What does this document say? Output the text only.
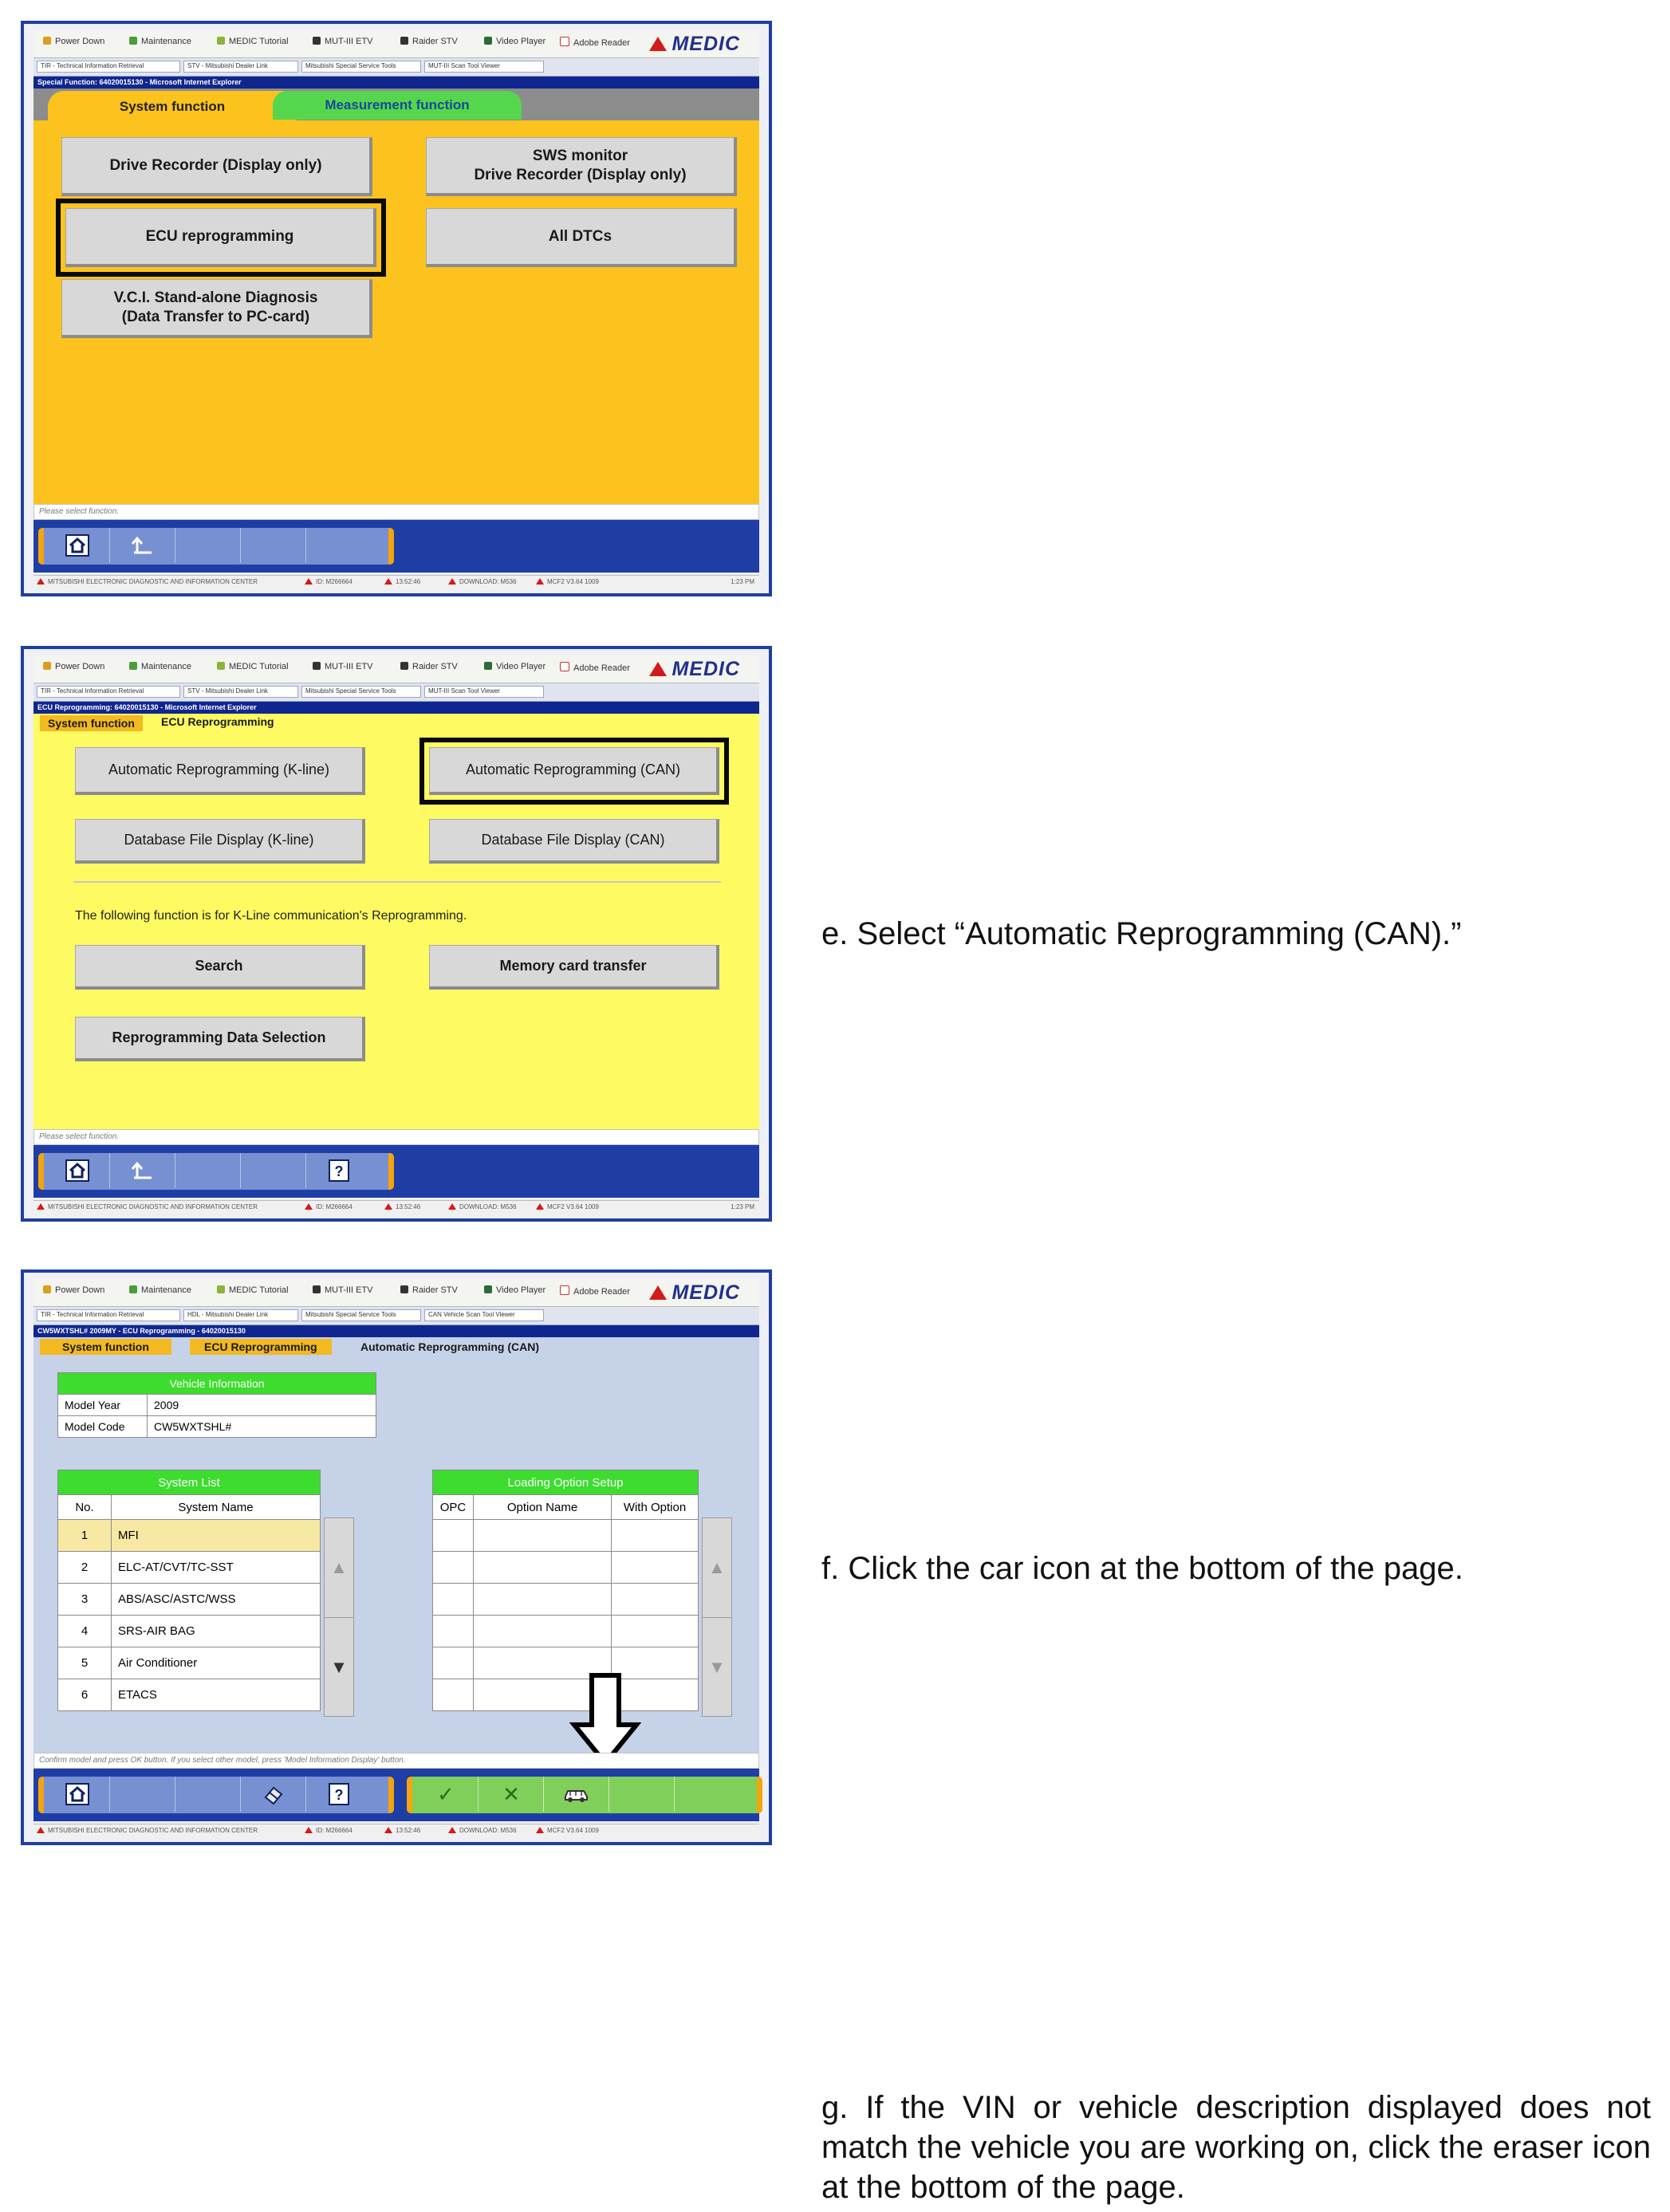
Power Down	Maintenance	MEDIC Tutorial	MUT-III ETV	Raider STV	Video Player	Adobe Reader	MEDIC
TIR - Technical Information Retrieval	STV - Mitsubishi Dealer Link	Mitsubishi Special Service Tools	MUT-III Scan Tool Viewer
Special Function: 64020015130 - Microsoft Internet Explorer
System function	Measurement function
Drive Recorder (Display only)
SWS monitor
Drive Recorder (Display only)
ECU reprogramming	All DTCs
V.C.I. Stand-alone Diagnosis
(Data Transfer to PC-card)
Please select function.
MITSUBISHI ELECTRONIC DIAGNOSTIC AND INFORMATION CENTER	ID: M266664	13:52:46	DOWNLOAD: M536	MCF2 V3.64 1009	1:23 PM
Power Down	Maintenance	MEDIC Tutorial	MUT-III ETV	Raider STV	Video Player	Adobe Reader	MEDIC
TIR - Technical Information Retrieval	STV - Mitsubishi Dealer Link	Mitsubishi Special Service Tools	MUT-III Scan Tool Viewer
ECU Reprogramming: 64020015130 - Microsoft Internet Explorer
System function	ECU Reprogramming
Automatic Reprogramming (K-line)	Automatic Reprogramming (CAN)
Database File Display (K-line)	Database File Display (CAN)
The following function is for K-Line communication's Reprogramming.
Search	Memory card transfer
Reprogramming Data Selection
Please select function.
?
MITSUBISHI ELECTRONIC DIAGNOSTIC AND INFORMATION CENTER	ID: M266664	13:52:46	DOWNLOAD: M536	MCF2 V3.64 1009	1:23 PM
Power Down	Maintenance	MEDIC Tutorial	MUT-III ETV	Raider STV	Video Player	Adobe Reader	MEDIC
TIR - Technical Information Retrieval	HDL - Mitsubishi Dealer Link	Mitsubishi Special Service Tools	CAN Vehicle Scan Tool Viewer
CW5WXTSHL# 2009MY - ECU Reprogramming - 64020015130
System function	ECU Reprogramming	Automatic Reprogramming (CAN)
Vehicle Information	
Model Year	2009
Model Code	CW5WXTSHL#
System List	
No.	System Name
1	MFI
2	ELC-AT/CVT/TC-SST
3	ABS/ASC/ASTC/WSS
4	SRS-AIR BAG
5	Air Conditioner
6	ETACS
▲
▼
Loading Option Setup		
OPC	Option Name	With Option

▲
▼
Confirm model and press OK button. If you select other model, press 'Model Information Display' button.
?	✓ ✕
MITSUBISHI ELECTRONIC DIAGNOSTIC AND INFORMATION CENTER	ID: M266664	13:52:46	DOWNLOAD: M536	MCF2 V3.64 1009
e. Select “Automatic Reprogramming (CAN).”
f. Click the car icon at the bottom of the page.
g. If the VIN or vehicle description displayed does not match the vehicle you are working on, click the eraser icon at the bottom of the page.
